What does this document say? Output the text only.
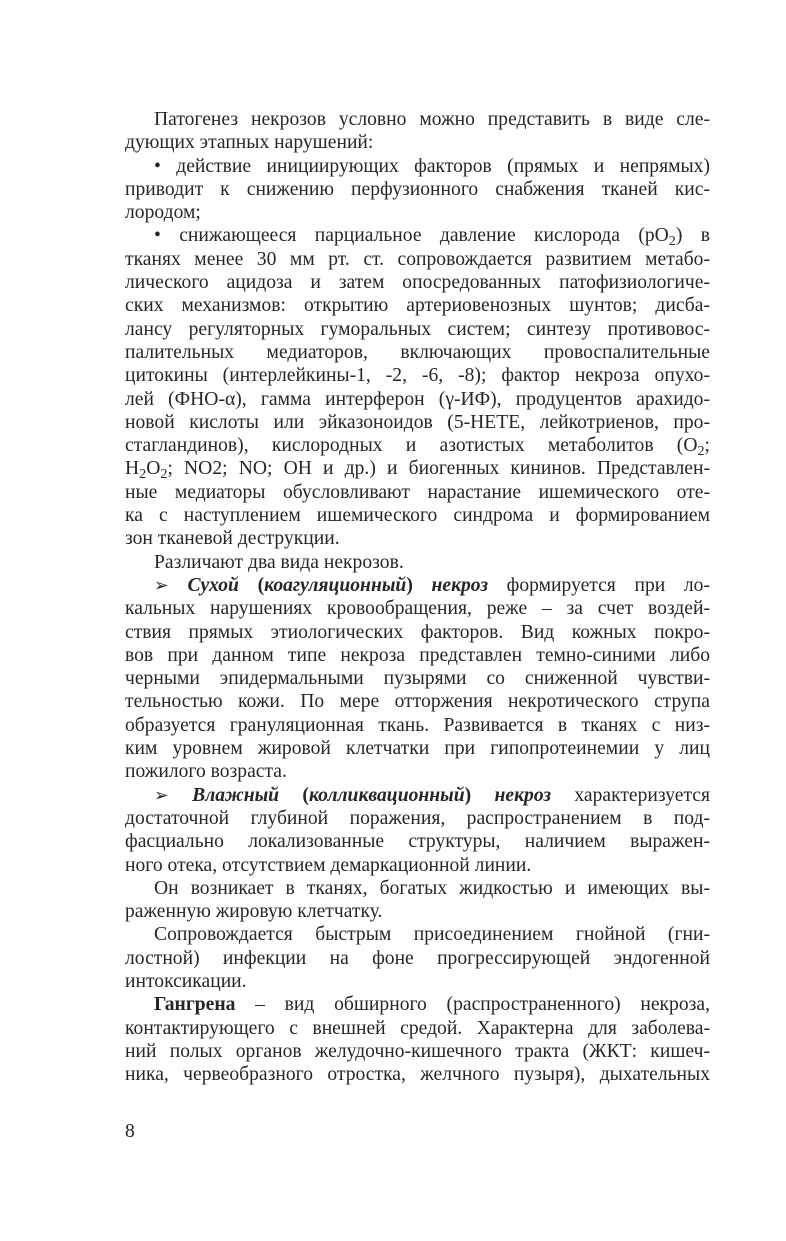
Патогенез некрозов условно можно представить в виде сле-
дующих этапных нарушений:
• действие инициирующих факторов (прямых и непрямых)
приводит к снижению перфузионного снабжения тканей кис-
лородом;
• снижающееся парциальное давление кислорода $(pO_2)$ в
тканях менее 30 мм рт. ст. сопровождается развитием метабо-
лического ацидоза и затем опосредованных патофизиологиче-
ских механизмов: открытию артериовенозных шунтов; дисба-
лансу регуляторных гуморальных систем; синтезу противовос-
палительных медиаторов, включающих провоспалительные
цитокины (интерлейкины-1, -2, -6, -8); фактор некроза опухо-
лей (ФНО-α), гамма интерферон (γ-ИФ), продуцентов арахидо-
новой кислоты или эйказоноидов (5-HETE, лейкотриенов, про-
стагландинов), кислородных и азотистых метаболитов ($O_2$;
$H_2O_2$; NO2; NO; OH и др.) и биогенных кининов. Представлен-
ные медиаторы обусловливают нарастание ишемического оте-
ка с наступлением ишемического синдрома и формированием
зон тканевой деструкции.
Различают два вида некрозов.
➢ Сухой (коагуляционный) некроз формируется при ло-
кальных нарушениях кровообращения, реже – за счет воздей-
ствия прямых этиологических факторов. Вид кожных покро-
вов при данном типе некроза представлен темно-синими либо
черными эпидермальными пузырями со сниженной чувстви-
тельностью кожи. По мере отторжения некротического струпа
образуется грануляционная ткань. Развивается в тканях с низ-
ким уровнем жировой клетчатки при гипопротеинемии у лиц
пожилого возраста.
➢ Влажный (колликвационный) некроз характеризуется
достаточной глубиной поражения, распространением в под-
фасциально локализованные структуры, наличием выражен-
ного отека, отсутствием демаркационной линии.
Он возникает в тканях, богатых жидкостью и имеющих вы-
раженную жировую клетчатку.
Сопровождается быстрым присоединением гнойной (гни-
лостной) инфекции на фоне прогрессирующей эндогенной
интоксикации.
Гангрена – вид обширного (распространенного) некроза,
контактирующего с внешней средой. Характерна для заболева-
ний полых органов желудочно-кишечного тракта (ЖКТ: кишеч-
ника, червеобразного отростка, желчного пузыря), дыхательных
8
